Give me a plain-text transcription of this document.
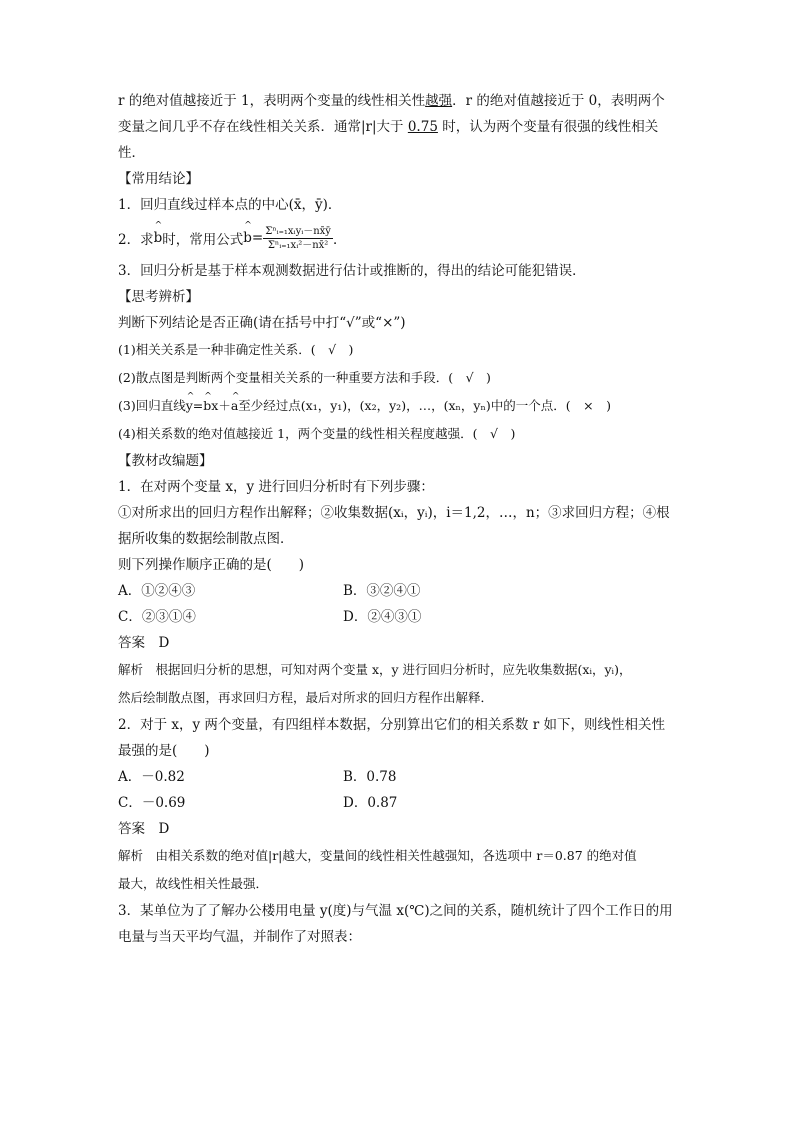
r 的绝对值越接近于 1，表明两个变量的线性相关性越强．r 的绝对值越接近于 0，表明两个

变量之间几乎不存在线性相关关系．通常|r|大于 0.75 时，认为两个变量有很强的线性相关

性．

【常用结论】

1．回归直线过样本点的中心(x̄，ȳ)．

2．求 ^ b 时，常用公式 ^ $b = \frac{\text{Σⁿᵢ₌₁xᵢyᵢ－nx̄ȳ}}{\text{Σⁿᵢ₌₁xᵢ²－nx̄²}}$ ．

3．回归分析是基于样本观测数据进行估计或推断的，得出的结论可能犯错误．

【思考辨析】

判断下列结论是否正确(请在括号中打“√”或“×”)

(1)相关关系是一种非确定性关系．(　√　)

(2)散点图是判断两个变量相关关系的一种重要方法和手段．(　√　)

(3)回归直线^ y=^ bx＋^ a至少经过点(x₁，y₁)，(x₂，y₂)，…，(xₙ，yₙ)中的一个点．(　×　)

(4)相关系数的绝对值越接近 1，两个变量的线性相关程度越强．(　√　)

【教材改编题】

1．在对两个变量 x，y 进行回归分析时有下列步骤：

①对所求出的回归方程作出解释；②收集数据(xᵢ，yᵢ)，i＝1,2，…，n；③求回归方程；④根

据所收集的数据绘制散点图．

则下列操作顺序正确的是(　　)

A．①②④③	B．③②④①
C．②③①④	D．②④③①

答案　D

解析　根据回归分析的思想，可知对两个变量 x，y 进行回归分析时，应先收集数据(xᵢ，yᵢ)，

然后绘制散点图，再求回归方程，最后对所求的回归方程作出解释．

2．对于 x，y 两个变量，有四组样本数据，分别算出它们的相关系数 r 如下，则线性相关性

最强的是(　　)

A．－0.82	B．0.78
C．－0.69	D．0.87

答案　D

解析　由相关系数的绝对值|r|越大，变量间的线性相关性越强知，各选项中 r＝0.87 的绝对值

最大，故线性相关性最强．

3．某单位为了了解办公楼用电量 y(度)与气温 x(℃)之间的关系，随机统计了四个工作日的用

电量与当天平均气温，并制作了对照表：
